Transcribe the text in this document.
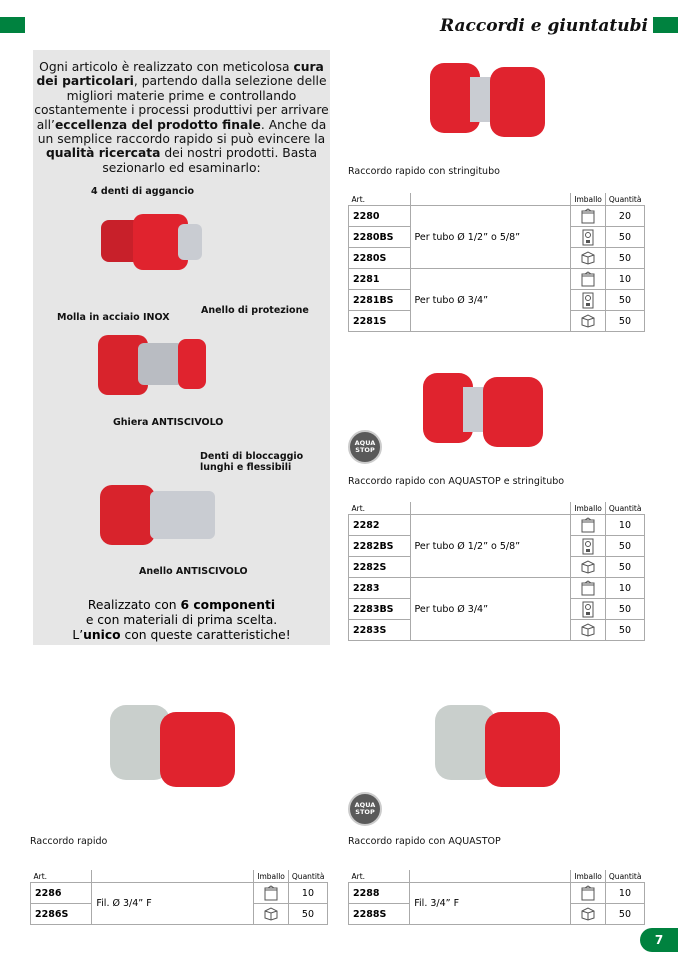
Raccordi e giuntatubi
Ogni articolo è realizzato con meticolosa cura dei particolari, partendo dalla selezione delle migliori materie prime e controllando costantemente i processi produttivi per arrivare all’eccellenza del prodotto finale. Anche da un semplice raccordo rapido si può evincere la qualità ricercata dei nostri prodotti. Basta sezionarlo ed esaminarlo:
4 denti di aggancio
Molla in acciaio INOX
Anello di protezione
Ghiera ANTISCIVOLO
Denti di bloccaggio
lunghi e flessibili
Anello ANTISCIVOLO
Realizzato con 6 componenti
e con materiali di prima scelta.
L’unico con queste caratteristiche!
AQUA
STOP
AQUA
STOP
Raccordo rapido con stringitubo
Art.		Imballo	Quantità
2280	Per tubo Ø 1/2” o 5/8”		20
2280BS			50
2280S			50
2281	Per tubo Ø 3/4”		10
2281BS			50
2281S			50
Raccordo rapido con AQUASTOP e stringitubo
Art.		Imballo	Quantità
2282	Per tubo Ø 1/2” o 5/8”		10
2282BS			50
2282S			50
2283	Per tubo Ø 3/4”		10
2283BS			50
2283S			50
Raccordo rapido
Art.		Imballo	Quantità
2286	Fil. Ø 3/4” F		10
2286S			50
Raccordo rapido con AQUASTOP
Art.		Imballo	Quantità
2288	Fil. 3/4” F		10
2288S			50
7
